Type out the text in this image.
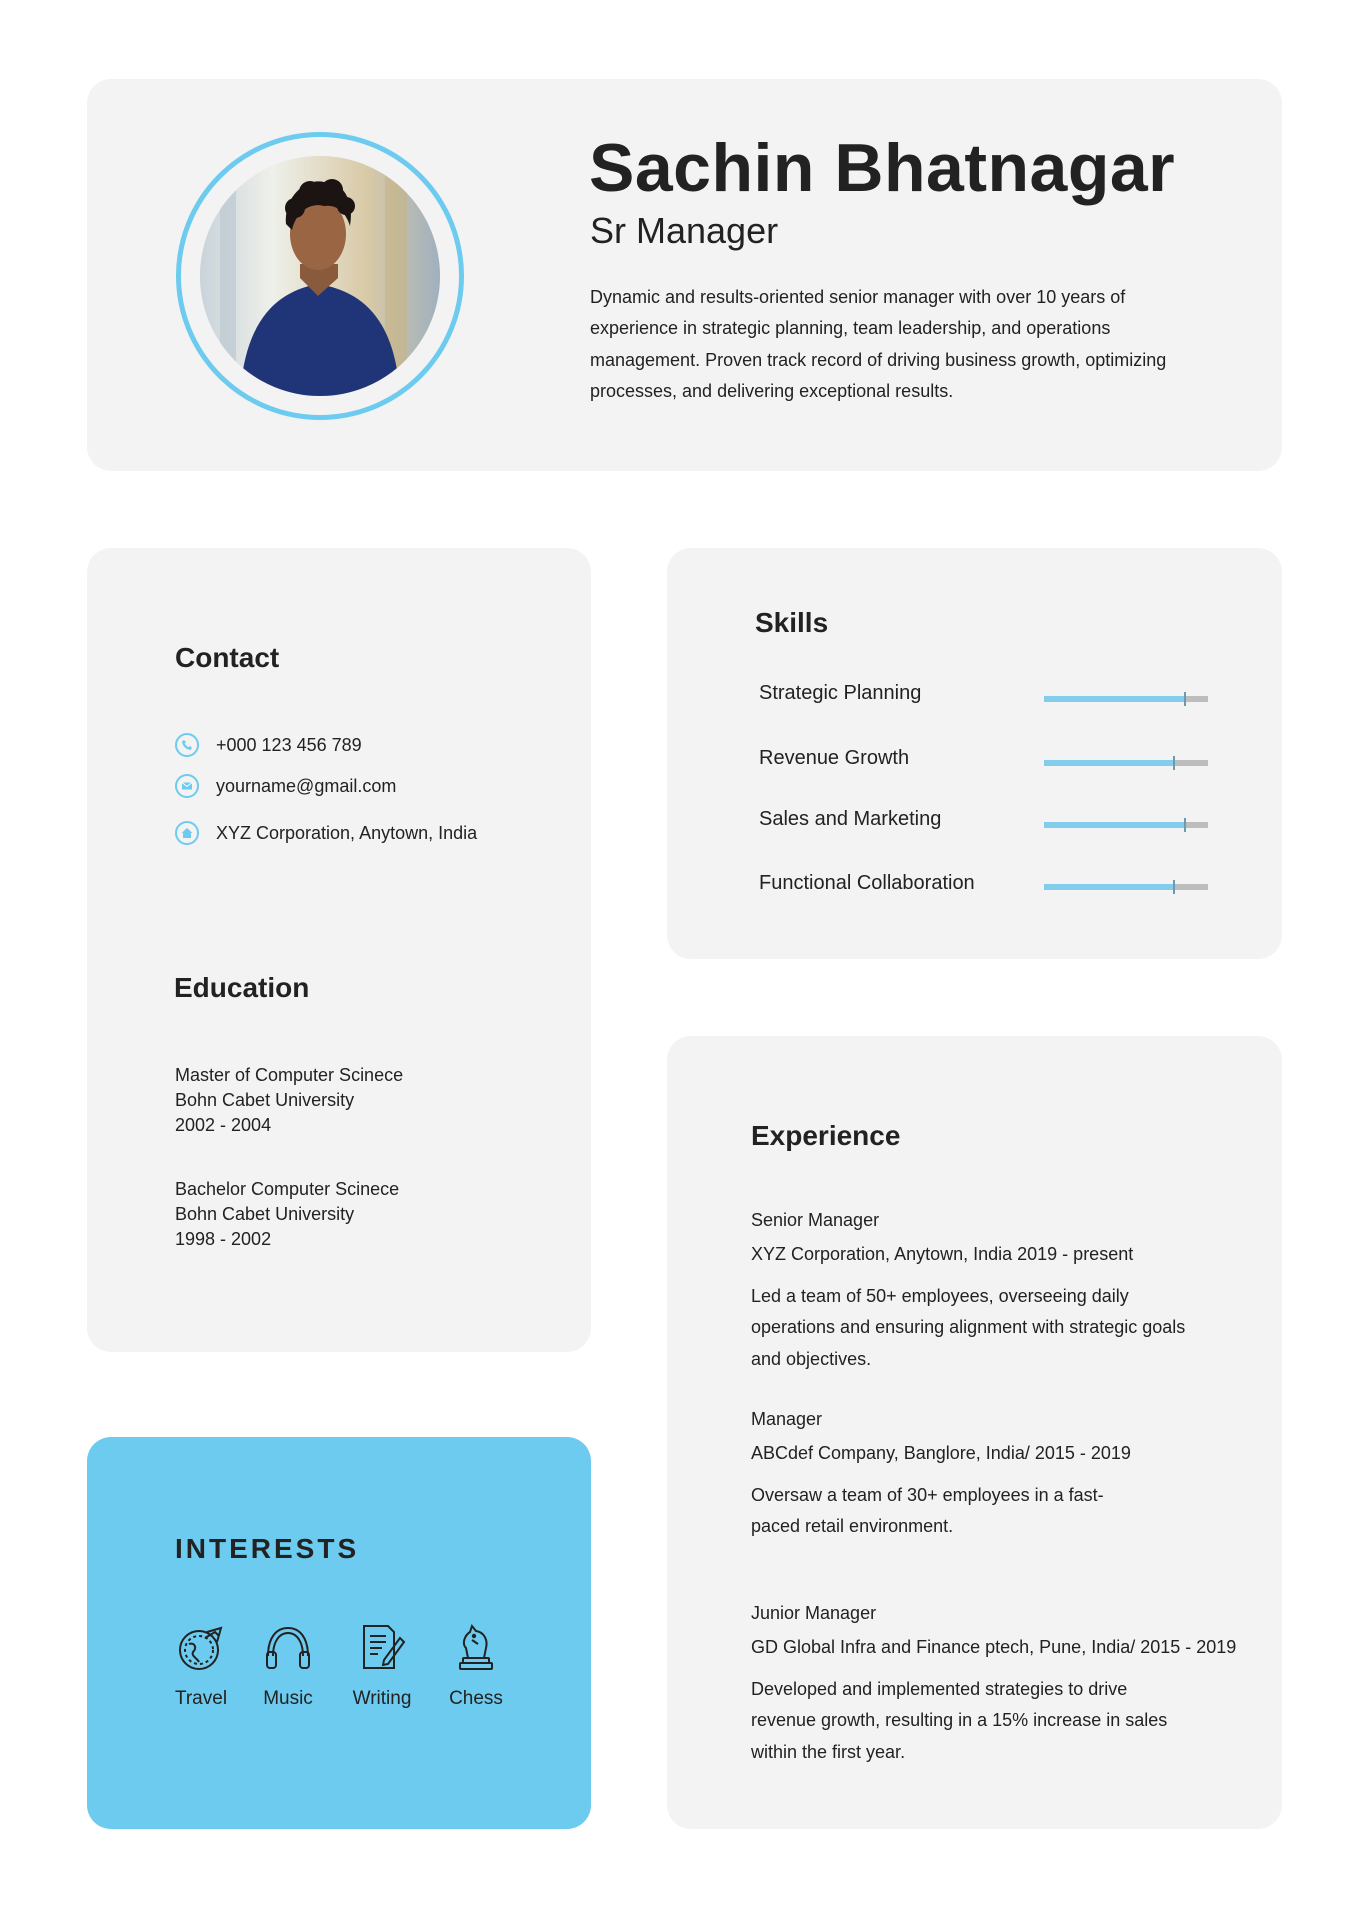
Sachin Bhatnagar
Sr Manager
Dynamic and results-oriented senior manager with over 10 years of experience in strategic planning, team leadership, and operations management. Proven track record of driving business growth, optimizing processes, and delivering exceptional results.
Contact
+000 123 456 789
yourname@gmail.com
XYZ Corporation, Anytown, India
Education
Master of Computer Scinece
Bohn Cabet University
2002 - 2004
Bachelor Computer Scinece
Bohn Cabet University
1998 - 2002
Skills
Strategic Planning
Revenue Growth
Sales and Marketing
Functional Collaboration
INTERESTS
Travel	Music	Writing	Chess
Experience
Senior Manager
XYZ Corporation, Anytown, India 2019 - present
Led a team of 50+ employees, overseeing daily operations and ensuring alignment with strategic goals and objectives.
Manager
ABCdef Company, Banglore, India/ 2015 - 2019
Oversaw a team of 30+ employees in a fast-paced retail environment.
Junior Manager
GD Global Infra and Finance ptech, Pune, India/ 2015 - 2019
Developed and implemented strategies to drive revenue growth, resulting in a 15% increase in sales within the first year.
